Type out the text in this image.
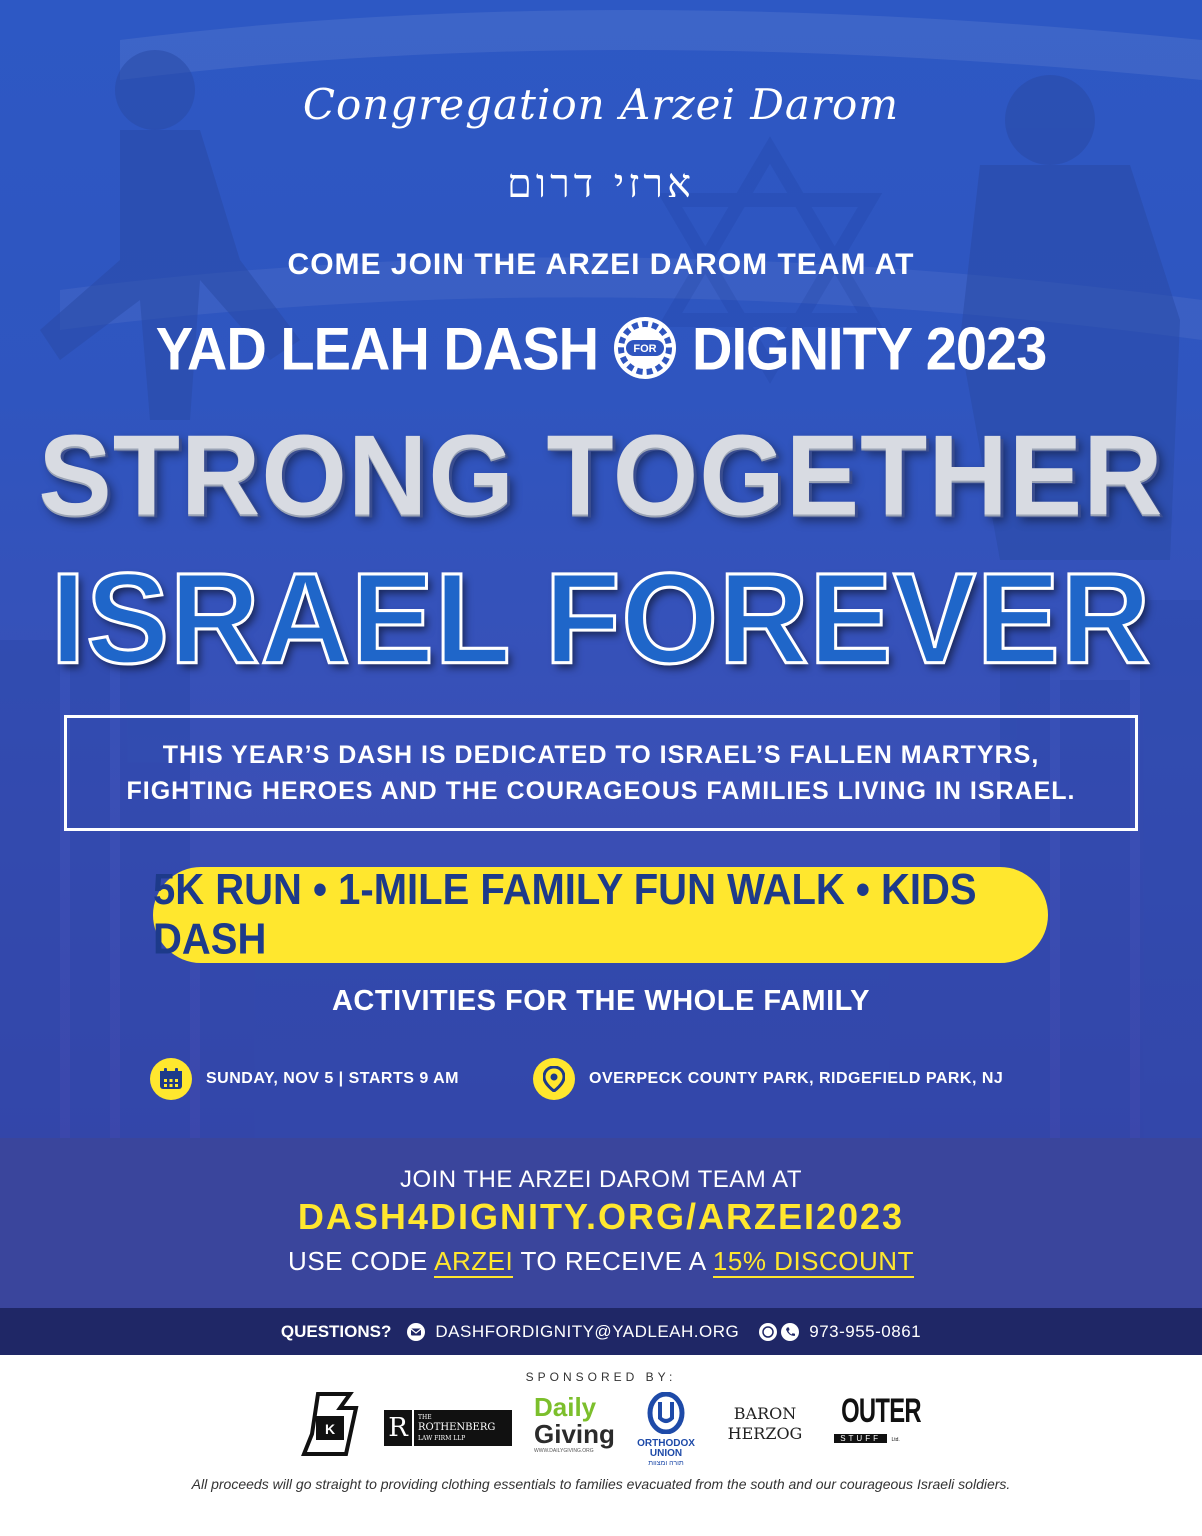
Congregation Arzei Darom
ארזי דרום
COME JOIN THE ARZEI DAROM TEAM AT
YAD LEAH DASH	FOR DIGNITY 2023
STRONG TOGETHER
ISRAEL FOREVER
THIS YEAR’S DASH IS DEDICATED TO ISRAEL’S FALLEN MARTYRS,
FIGHTING HEROES AND THE COURAGEOUS FAMILIES LIVING IN ISRAEL.
5K RUN • 1-MILE FAMILY FUN WALK • KIDS DASH
ACTIVITIES FOR THE WHOLE FAMILY
SUNDAY, NOV 5 | STARTS 9 AM	OVERPECK COUNTY PARK, RIDGEFIELD PARK, NJ
JOIN THE ARZEI DAROM TEAM AT
DASH4DIGNITY.ORG/ARZEI2023
USE CODE ARZEI TO RECEIVE A 15% DISCOUNT
QUESTIONS?	DASHFORDIGNITY@YADLEAH.ORG	973-955-0861
SPONSORED BY:
K R	THE
ROTHENBERG
LAW FIRM LLP
Daily
Giving
WWW.DAILYGIVING.ORG
ORTHODOX
UNION
תורה ומצוות
BARON
HERZOG
OUTER
STUFF Ltd.
All proceeds will go straight to providing clothing essentials to families evacuated from the south and our courageous Israeli soldiers.
